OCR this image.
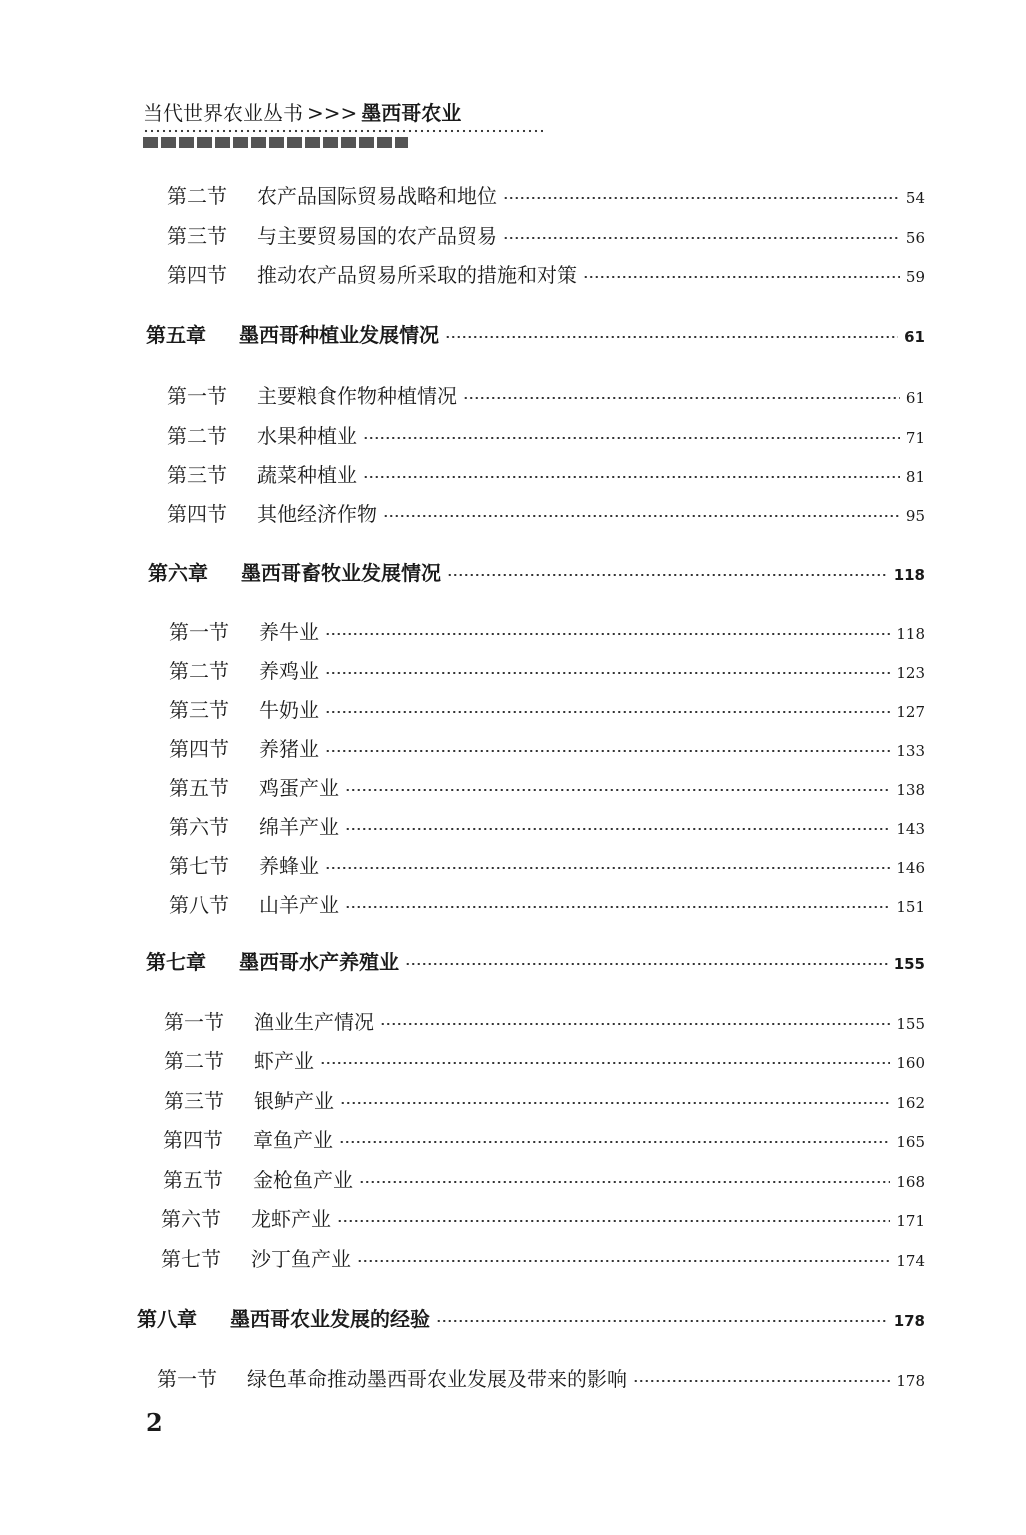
当代世界农业丛书 >>> 墨西哥农业
第二节 农产品国际贸易战略和地位	54
第三节 与主要贸易国的农产品贸易	56
第四节 推动农产品贸易所采取的措施和对策	59
第五章 墨西哥种植业发展情况	61
第一节 主要粮食作物种植情况	61
第二节 水果种植业	71
第三节 蔬菜种植业	81
第四节 其他经济作物	95
第六章 墨西哥畜牧业发展情况	118
第一节 养牛业	118
第二节 养鸡业	123
第三节 牛奶业	127
第四节 养猪业	133
第五节 鸡蛋产业	138
第六节 绵羊产业	143
第七节 养蜂业	146
第八节 山羊产业	151
第七章 墨西哥水产养殖业	155
第一节 渔业生产情况	155
第二节 虾产业	160
第三节 银鲈产业	162
第四节 章鱼产业	165
第五节 金枪鱼产业	168
第六节 龙虾产业	171
第七节 沙丁鱼产业	174
第八章 墨西哥农业发展的经验	178
第一节 绿色革命推动墨西哥农业发展及带来的影响	178
2
